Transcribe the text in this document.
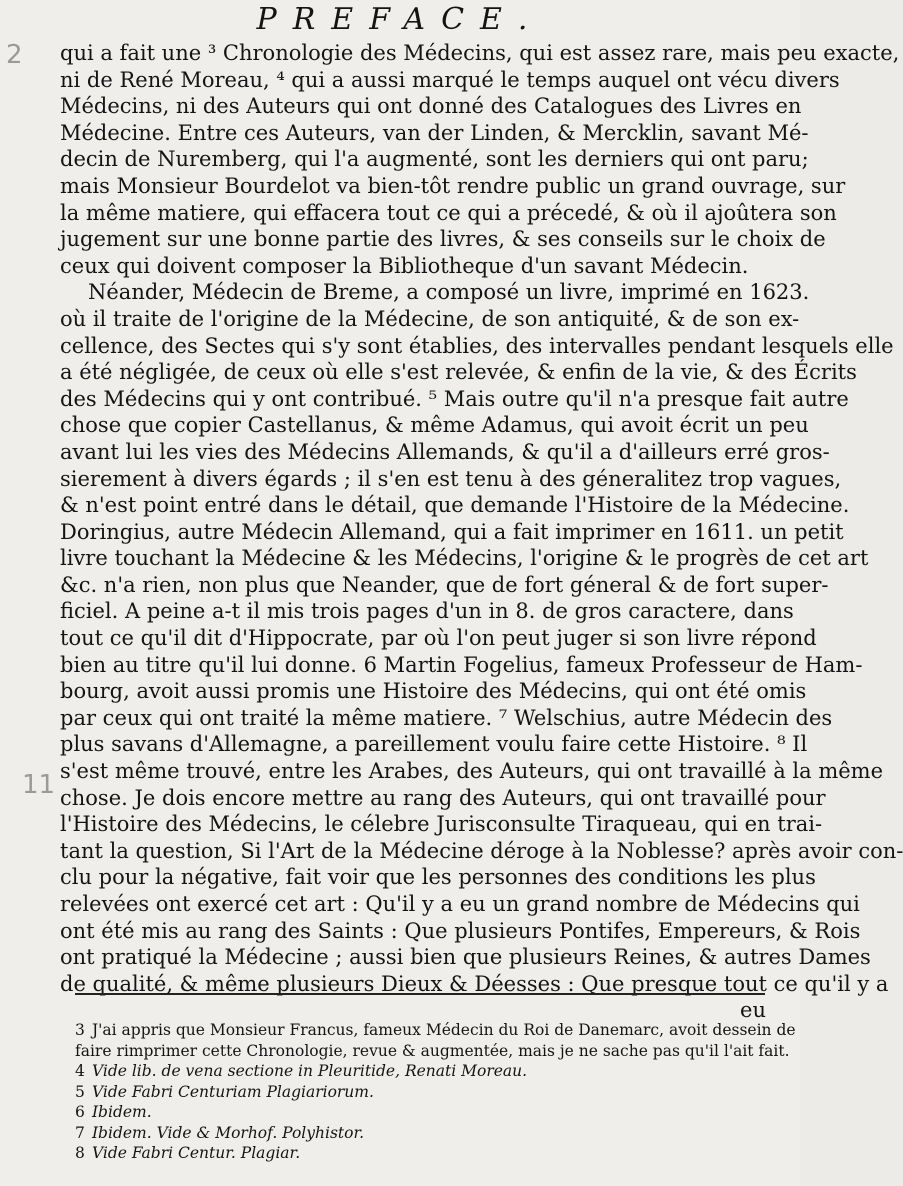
PREFACE.
2
11
qui a fait une ³ Chronologie des Médecins, qui est assez rare, mais peu exacte,
ni de René Moreau, ⁴ qui a aussi marqué le temps auquel ont vécu divers
Médecins, ni des Auteurs qui ont donné des Catalogues des Livres en
Médecine. Entre ces Auteurs, van der Linden, & Mercklin, savant Mé-
decin de Nuremberg, qui l'a augmenté, sont les derniers qui ont paru;
mais Monsieur Bourdelot va bien-tôt rendre public un grand ouvrage, sur
la même matiere, qui effacera tout ce qui a précedé, & où il ajoûtera son
jugement sur une bonne partie des livres, & ses conseils sur le choix de
ceux qui doivent composer la Bibliotheque d'un savant Médecin.
Néander, Médecin de Breme, a composé un livre, imprimé en 1623.
où il traite de l'origine de la Médecine, de son antiquité, & de son ex-
cellence, des Sectes qui s'y sont établies, des intervalles pendant lesquels elle
a été négligée, de ceux où elle s'est relevée, & enfin de la vie, & des Écrits
des Médecins qui y ont contribué. ⁵ Mais outre qu'il n'a presque fait autre
chose que copier Castellanus, & même Adamus, qui avoit écrit un peu
avant lui les vies des Médecins Allemands, & qu'il a d'ailleurs erré gros-
sierement à divers égards ; il s'en est tenu à des géneralitez trop vagues,
& n'est point entré dans le détail, que demande l'Histoire de la Médecine.
Doringius, autre Médecin Allemand, qui a fait imprimer en 1611. un petit
livre touchant la Médecine & les Médecins, l'origine & le progrès de cet art
&c. n'a rien, non plus que Neander, que de fort géneral & de fort super-
ficiel. A peine a-t il mis trois pages d'un in 8. de gros caractere, dans
tout ce qu'il dit d'Hippocrate, par où l'on peut juger si son livre répond
bien au titre qu'il lui donne. 6 Martin Fogelius, fameux Professeur de Ham-
bourg, avoit aussi promis une Histoire des Médecins, qui ont été omis
par ceux qui ont traité la même matiere. ⁷ Welschius, autre Médecin des
plus savans d'Allemagne, a pareillement voulu faire cette Histoire. ⁸ Il
s'est même trouvé, entre les Arabes, des Auteurs, qui ont travaillé à la même
chose. Je dois encore mettre au rang des Auteurs, qui ont travaillé pour
l'Histoire des Médecins, le célebre Jurisconsulte Tiraqueau, qui en trai-
tant la question, Si l'Art de la Médecine déroge à la Noblesse? après avoir con-
clu pour la négative, fait voir que les personnes des conditions les plus
relevées ont exercé cet art : Qu'il y a eu un grand nombre de Médecins qui
ont été mis au rang des Saints : Que plusieurs Pontifes, Empereurs, & Rois
ont pratiqué la Médecine ; aussi bien que plusieurs Reines, & autres Dames
de qualité, & même plusieurs Dieux & Déesses : Que presque tout ce qu'il y a
eu
3 J'ai appris que Monsieur Francus, fameux Médecin du Roi de Danemarc, avoit dessein de
faire rimprimer cette Chronologie, revue & augmentée, mais je ne sache pas qu'il l'ait fait.
4 Vide lib. de vena sectione in Pleuritide, Renati Moreau.
5 Vide Fabri Centuriam Plagiariorum.
6 Ibidem.
7 Ibidem. Vide & Morhof. Polyhistor.
8 Vide Fabri Centur. Plagiar.
